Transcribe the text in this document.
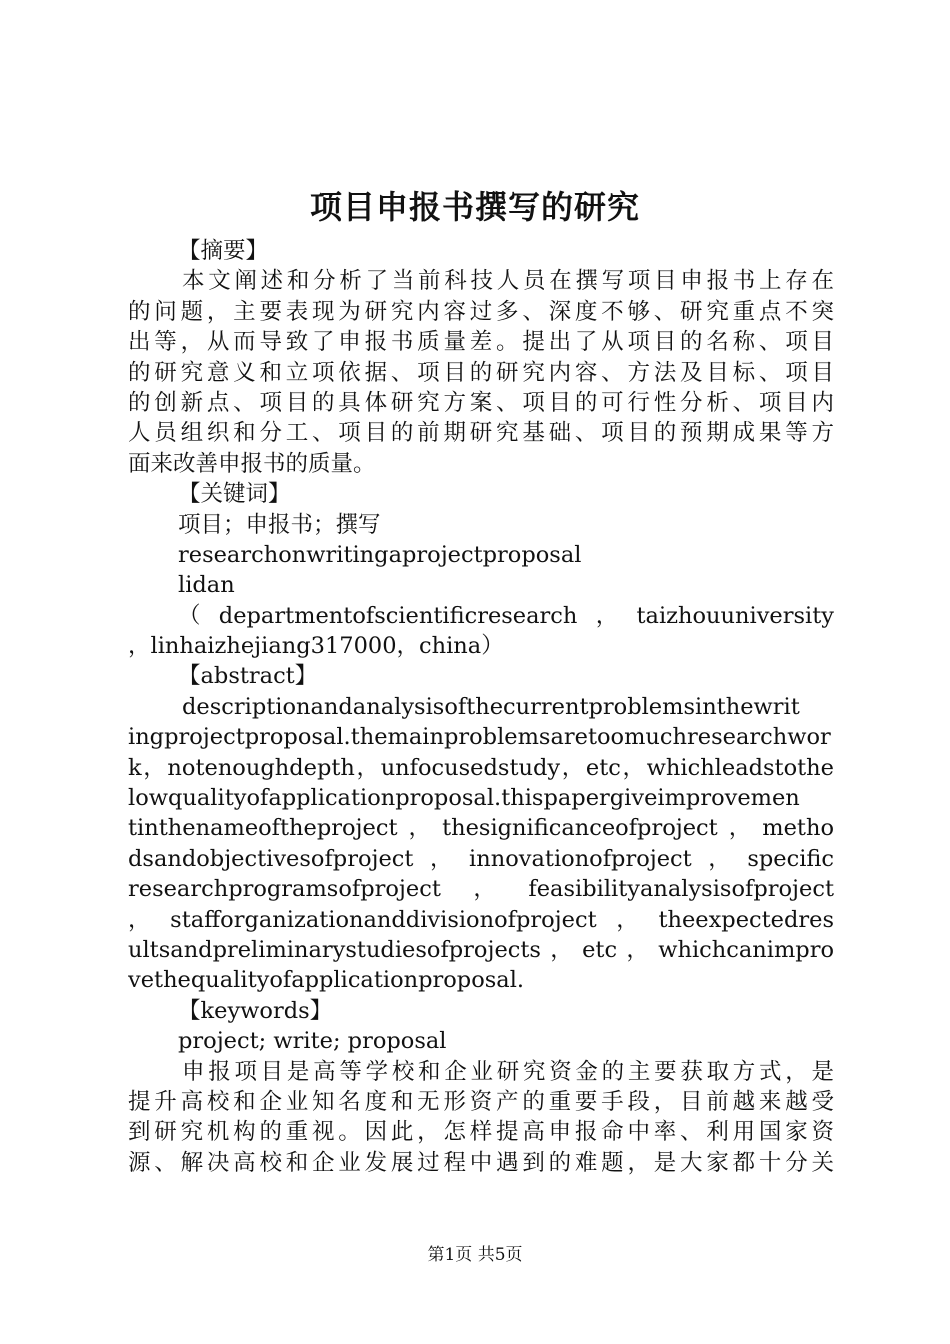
项目申报书撰写的研究
【摘要】
本文阐述和分析了当前科技人员在撰写项目申报书上存在
的问题，主要表现为研究内容过多、深度不够、研究重点不突
出等，从而导致了申报书质量差。提出了从项目的名称、项目
的研究意义和立项依据、项目的研究内容、方法及目标、项目
的创新点、项目的具体研究方案、项目的可行性分析、项目内
人员组织和分工、项目的前期研究基础、项目的预期成果等方
面来改善申报书的质量。
【关键词】
项目；申报书；撰写
researchonwritingaprojectproposal
lidan
（departmentofscientificresearch，taizhouuniversity
，linhaizhejiang317000，china）
【abstract】
descriptionandanalysisofthecurrentproblemsinthewrit
ingprojectproposal.themainproblemsaretoomuchresearchwor
k，notenoughdepth，unfocusedstudy，etc，whichleadstothe
lowqualityofapplicationproposal.thispapergiveimprovemen
tinthenameoftheproject，thesignificanceofproject，metho
dsandobjectivesofproject，innovationofproject，specific
researchprogramsofproject，feasibilityanalysisofproject
，stafforganizationanddivisionofproject，theexpectedres
ultsandpreliminarystudiesofprojects，etc，whichcanimpro
vethequalityofapplicationproposal.
【keywords】
project; write; proposal
申报项目是高等学校和企业研究资金的主要获取方式，是
提升高校和企业知名度和无形资产的重要手段，目前越来越受
到研究机构的重视。因此，怎样提高申报命中率、利用国家资
源、解决高校和企业发展过程中遇到的难题，是大家都十分关
第1页 共5页
